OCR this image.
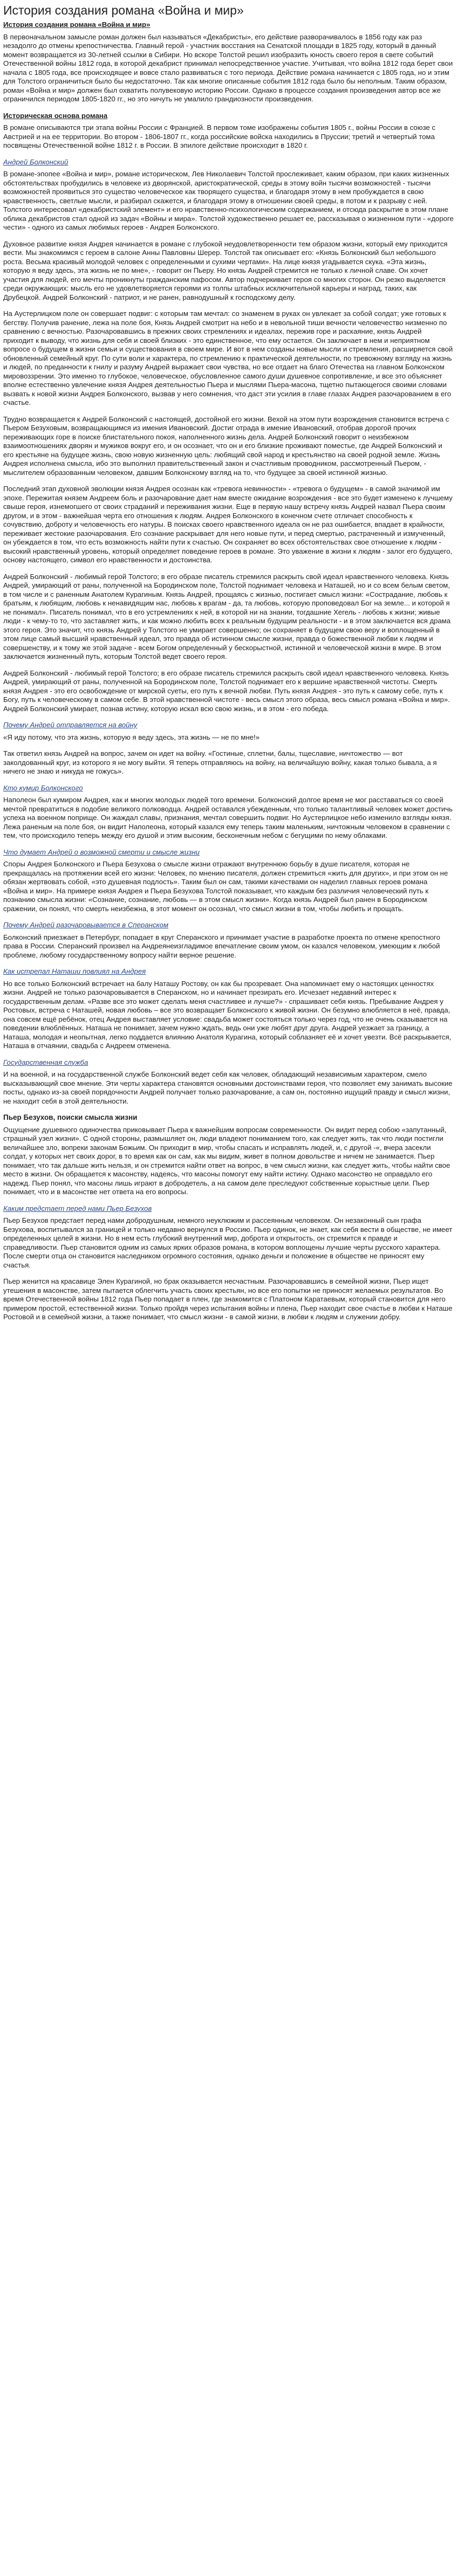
История создания романа «Война и мир»
История создания романа «Война и мир»

В первоначальном замысле роман должен был называться «Декабристы», его действие разворачивалось в 1856 году как раз незадолго до отмены крепостничества. Главный герой - участник восстания на Сенатской площади в 1825 году, который в данный момент возвращается из 30-летней ссылки в Сибири. Но вскоре Толстой решил изобразить юность своего героя в свете событий Отечественной войны 1812 года, в которой декабрист принимал непосредственное участие. Учитывая, что война 1812 года берет свои начала с 1805 года, все происходящее и вовсе стало развиваться с того периода. Действие романа начинается с 1805 года, но и этим для Толстого ограничиться было бы недостаточно. Так как многие описанные события 1812 года было бы неполным. Таким образом, роман «Война и мир» должен был охватить полувековую историю России. Однако в процессе создания произведения автор все же ограничился периодом 1805-1820 гг., но это ничуть не умалило грандиозности произведения.

Историческая основа романа

В романе описываются три этапа войны России с Францией. В первом томе изображены события 1805 г., войны России в союзе с Австрией и на ее территории. Во втором - 1806-1807 гг., когда российские войска находились в Пруссии; третий и четвертый тома посвящены Отечественной войне 1812 г. в России. В эпилоге действие происходит в 1820 г.

Андрей Болконский

В романе-эпопее «Война и мир», романе историческом, Лев Николаевич Толстой прослеживает, каким образом, при каких жизненных обстоятельствах пробудились в человеке из дворянской, аристократической, среды в этому войн тысячи возможностей - тысячи возможностей проявиться это существо человеческое как творящего существа, и благодаря этому в нем пробуждается в свою нравственность, светлые мысли, и разбирал скажется, и благодаря этому в отношении своей среды, в потом и к разрыву с ней. Толстого интересовал «декабристский элемент» и его нравственно-психологическим содержанием, и отсюда раскрытие в этом плане облика декабристов стал одной из задач «Войны и мира». Толстой художественно решает ее, рассказывая о жизненном пути - «дороге чести» - одного из самых любимых героев - Андрея Болконского.

Духовное развитие князя Андрея начинается в романе с глубокой неудовлетворенности тем образом жизни, который ему приходится вести. Мы знакомимся с героем в салоне Анны Павловны Шерер. Толстой так описывает его: «Князь Болконский был небольшого роста. Весьма красивый молодой человек с определенными и сухими чертами». На лице князя угадывается скука. «Эта жизнь, которую я веду здесь, эта жизнь не по мне», - говорит он Пьеру. Но князь Андрей стремится не только к личной славе. Он хочет участия для людей, его мечты проникнуты гражданским пафосом. Автор подчеркивает героя со многих сторон. Он резко выделяется среди окружающих: мысль его не удовлетворяется героями из толпы штабных исключительной карьеры и наград, таких, как Друбецкой. Андрей Болконский - патриот, и не ранен, равнодушный к господскому делу.

На Аустерлицком поле он совершает подвиг: с которым там мечтал: со знаменем в руках он увлекает за собой солдат; уже готовых к бегству. Получив ранение, лежа на поле боя, Князь Андрей смотрит на небо и в невольной тиши вечности человечество низменно по сравнению с вечностью. Разочаровавшись в прежних своих стремлениях и идеалах, пережив горе и раскаяние, князь Андрей приходит к выводу, что жизнь для себя и своей близких - это единственное, что ему остается. Он заключает в нем и неприятном вопросе о будущем в жизни семьи и существования в своем мире. И вот в нем созданы новые мысли и стремления, расширяется свой обновленный семейный круг. По сути воли и характера, по стремлению к практической деятельности, по тревожному взгляду на жизнь и людей, по преданности к гнилу и разуму Андрей выражает свои чувства, но все отдает на благо Отечества на главном Болконском мировоззрении. Это именно то глубокое, человеческое, обусловленное самого души душевное сопротивление, и все это объясняет вполне естественно увлечение князя Андрея деятельностью Пьера и мыслями Пьера-масона, тщетно пытающегося своими словами вызвать к новой жизни Андрея Болконского, вызвав у него сомнения, что даст эти усилия в главе глазах Андрея разочарованием в его счастье.

Трудно возвращается к Андрей Болконский с настоящей, достойной его жизни. Вехой на этом пути возрождения становится встреча с Пьером Безуховым, возвращающимся из имения Ивановский. Достиг отрада в имение Ивановский, отобрав дорогой прочих переживающих горе в поиске блистательного покоя, наполненного жизнь дела. Андрей Болконский говорит о неизбежном взаимоотношениях дворян и мужиков вокруг его, и он осознает, что он и его близкие проживают поместье, где Андрей Болконский и его крестьяне на будущее жизнь, свою новую жизненную цель: любящий свой народ и крестьянство на своей родной земле. Жизнь Андрея исполнена смысла, ибо это выполнил правительственный закон и счастливым проводником, рассмотренный Пьером, - мыслителем образованным человеком, давшим Болконскому взгляд на то, что будущее за своей истинной жизнью.

Последний этап духовной эволюции князя Андрея осознан как «тревога невинности» - «тревога о будущем» - в самой значимой им эпохе. Пережитая князем Андреем боль и разочарование дает нам вместе ожидание возрождения - все это будет изменено к лучшему свыше героя, изнемогшего от своих страданий и переживания жизни. Еще в первую нашу встречу князь Андрей назвал Пьера своим другом, и в этом - важнейшая черта его отношения к людям. Андрея Болконского в конечном счете отличает способность к сочувствию, доброту и человечность его натуры. В поисках своего нравственного идеала он не раз ошибается, впадает в крайности, переживает жестокие разочарования. Его сознание раскрывает для него новые пути, и перед смертью, растраченный и измученный, он убеждается в том, что есть возможность найти пути к счастью. Он сохраняет во всех обстоятельствах свое отношение к людям - высокий нравственный уровень, который определяет поведение героев в романе. Это уважение в жизни к людям - залог его будущего, основу настоящего, символ его нравственности и достоинства.

Андрей Болконский - любимый герой Толстого; в его образе писатель стремился раскрыть свой идеал нравственного человека. Князь Андрей, умирающий от раны, полученной на Бородинском поле, Толстой поднимает человека и Наташей, но и со всем белым светом, в том числе и с раненным Анатолем Курагиным. Князь Андрей, прощаясь с жизнью, постигает смысл жизни: «Сострадание, любовь к братьям, к любящим, любовь к ненавидящим нас, любовь к врагам - да, та любовь, которую проповедовал Бог на земле... и которой я не понимал». Писатель понимал, что в его устремлениях к ней, в которой ни на знании, тогдашние Хегель - любовь к жизни; живые люди - к чему-то то, что заставляет жить, и как можно любить всех к реальным будущим реальности - и в этом заключается вся драма этого героя. Это значит, что князь Андрей у Толстого не умирает совершенно; он сохраняет в будущем свою веру и воплощенный в этом лице самый высший нравственный идеал, это правда об истинном смысле жизни, правда о божественной любви к людям и совершенству, и к тому же этой задаче - всем Богом определенный у бескорыстной, истинной и человеческой жизни в мире. В этом заключается жизненный путь, которым Толстой ведет своего героя.

Андрей Болконский - любимый герой Толстого; в его образе писатель стремился раскрыть свой идеал нравственного человека. Князь Андрей, умирающий от раны, полученной на Бородинском поле, Толстой поднимает его к вершине нравственной чистоты. Смерть князя Андрея - это его освобождение от мирской суеты, его путь к вечной любви. Путь князя Андрея - это путь к самому себе, путь к Богу, путь к человеческому в самом себе. В этой нравственной чистоте - весь смысл этого образа, весь смысл романа «Война и мир». Андрей Болконский умирает, познав истину, которую искал всю свою жизнь, и в этом - его победа.

Почему Андрей отправляется на войну

«Я иду потому, что эта жизнь, которую я веду здесь, эта жизнь — не по мне!»

Так ответил князь Андрей на вопрос, зачем он идет на войну. «Гостиные, сплетни, балы, тщеславие, ничтожество — вот заколдованный круг, из которого я не могу выйти. Я теперь отправляюсь на войну, на величайшую войну, какая только бывала, а я ничего не знаю и никуда не гожусь».

Кто кумир Болконского

Наполеон был кумиром Андрея, как и многих молодых людей того времени. Болконский долгое время не мог расставаться со своей мечтой превратиться в подобие великого полководца. Андрей оставался убежденным, что только талантливый человек может достичь успеха на военном поприще. Он жаждал славы, признания, мечтал совершить подвиг. Но Аустерлицкое небо изменило взгляды князя. Лежа раненым на поле боя, он видит Наполеона, который казался ему теперь таким маленьким, ничтожным человеком в сравнении с тем, что происходило теперь между его душой и этим высоким, бесконечным небом с бегущими по нему облаками.

Что думает Андрей о возможной смерти и смысле жизни

Споры Андрея Болконского и Пьера Безухова о смысле жизни отражают внутреннюю борьбу в душе писателя, которая не прекращалась на протяжении всей его жизни: Человек, по мнению писателя, должен стремиться «жить для других», и при этом он не обязан жертвовать собой, «это душевная подлость». Таким был он сам, такими качествами он наделил главных героев романа «Война и мир». На примере князя Андрея и Пьера Безухова Толстой показывает, что каждым без различия человеческий путь к познанию смысла жизни: «Сознание, сознание, любовь — в этом смысл жизни». Когда князь Андрей был ранен в Бородинском сражении, он понял, что смерть неизбежна, в этот момент он осознал, что смысл жизни в том, чтобы любить и прощать.

Почему Андрей разочаровывается в Сперанском

Болконский приезжает в Петербург, попадает в круг Сперанского и принимает участие в разработке проекта по отмене крепостного права в России. Сперанский произвел на Андреянеизгладимое впечатление своим умом, он казался человеком, умеющим к любой проблеме, любому государственному вопросу найти верное решение.

Как истрепал Наташи повлиял на Андрея

Но все только Болконский встречает на балу Наташу Ростову, он как бы прозревает. Она напоминает ему о настоящих ценностях жизни. Андрей не только разочаровывается в Сперанском, но и начинает презирать его. Исчезает недавний интерес к государственным делам. «Разве все это может сделать меня счастливее и лучше?» - спрашивает себя князь. Пребывание Андрея у Ростовых, встреча с Наташей, новая любовь – все это возвращает Болконского к живой жизни. Он безумно влюбляется в неё, правда, она совсем ещё ребёнок, отец Андрея выставляет условие: свадьба может состояться только через год, что не очень сказывается на поведении влюблённых. Наташа не понимает, зачем нужно ждать, ведь они уже любят друг друга. Андрей уезжает за границу, а Наташа, молодая и неопытная, легко поддается влиянию Анатоля Курагина, который соблазняет её и хочет увезти. Всё раскрывается, Наташа в отчаянии, свадьба с Андреем отменена.

Государственная служба

И на военной, и на государственной службе Болконский ведет себя как человек, обладающий независимым характером, смело высказывающий свое мнение. Эти черты характера становятся основными достоинствами героя, что позволяет ему занимать высокие посты, однако из-за своей порядочности Андрей получает только разочарование, а сам он, постоянно ищущий правду и смысл жизни, не находит себя в этой деятельности.

Пьер Безухов, поиски смысла жизни

Ощущение душевного одиночества приковывает Пьера к важнейшим вопросам современности. Он видит перед собою «запутанный, страшный узел жизни». С одной стороны, размышляет он, люди владеют пониманием того, как следует жить, так что люди постигли величайшее зло, вопреки законам Божьим. Он приходит в мир, чтобы спасать и исправлять людей, и, с другой -«, вчера засекли солдат, у которых нет своих дорог, в то время как он сам, как мы видим, живет в полном довольстве и ничем не занимается. Пьер понимает, что так дальше жить нельзя, и он стремится найти ответ на вопрос, в чем смысл жизни, как следует жить, чтобы найти свое место в жизни. Он обращается к масонству, надеясь, что масоны помогут ему найти истину. Однако масонство не оправдало его надежд. Пьер понял, что масоны лишь играют в добродетель, а на самом деле преследуют собственные корыстные цели. Пьер понимает, что и в масонстве нет ответа на его вопросы.

Каким предстает перед нами Пьер Безухов

Пьер Безухов предстает перед нами добродушным, немного неуклюжим и рассеянным человеком. Он незаконный сын графа Безухова, воспитывался за границей и только недавно вернулся в Россию. Пьер одинок, не знает, как себя вести в обществе, не имеет определенных целей в жизни. Но в нем есть глубокий внутренний мир, доброта и открытость, он стремится к правде и справедливости. Пьер становится одним из самых ярких образов романа, в котором воплощены лучшие черты русского характера. После смерти отца он становится наследником огромного состояния, однако деньги и положение в обществе не приносят ему счастья.

Пьер женится на красавице Элен Курагиной, но брак оказывается несчастным. Разочаровавшись в семейной жизни, Пьер ищет утешения в масонстве, затем пытается облегчить участь своих крестьян, но все его попытки не приносят желаемых результатов. Во время Отечественной войны 1812 года Пьер попадает в плен, где знакомится с Платоном Каратаевым, который становится для него примером простой, естественной жизни. Только пройдя через испытания войны и плена, Пьер находит свое счастье в любви к Наташе Ростовой и в семейной жизни, а также понимает, что смысл жизни - в самой жизни, в любви к людям и служении добру.
